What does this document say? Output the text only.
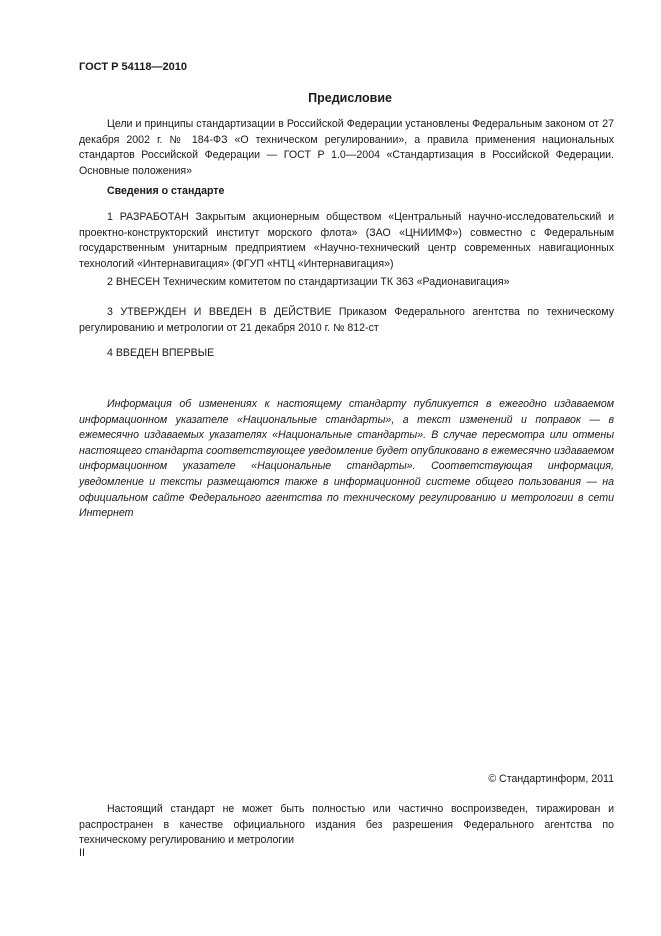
ГОСТ Р 54118—2010
Предисловие
Цели и принципы стандартизации в Российской Федерации установлены Федеральным законом от 27 декабря 2002 г. № 184-ФЗ «О техническом регулировании», а правила применения национальных стандартов Российской Федерации — ГОСТ Р 1.0—2004 «Стандартизация в Российской Федерации. Основные положения»
Сведения о стандарте
1 РАЗРАБОТАН Закрытым акционерным обществом «Центральный научно-исследовательский и проектно-конструкторский институт морского флота» (ЗАО «ЦНИИМФ») совместно с Федеральным государственным унитарным предприятием «Научно-технический центр современных навигационных технологий «Интернавигация» (ФГУП «НТЦ «Интернавигация»)
2 ВНЕСЕН Техническим комитетом по стандартизации ТК 363 «Радионавигация»
3 УТВЕРЖДЕН И ВВЕДЕН В ДЕЙСТВИЕ Приказом Федерального агентства по техническому регулированию и метрологии от 21 декабря 2010 г. № 812-ст
4 ВВЕДЕН ВПЕРВЫЕ
Информация об изменениях к настоящему стандарту публикуется в ежегодно издаваемом информационном указателе «Национальные стандарты», а текст изменений и поправок — в ежемесячно издаваемых указателях «Национальные стандарты». В случае пересмотра или отмены настоящего стандарта соответствующее уведомление будет опубликовано в ежемесячно издаваемом информационном указателе «Национальные стандарты». Соответствующая информация, уведомление и тексты размещаются также в информационной системе общего пользования — на официальном сайте Федерального агентства по техническому регулированию и метрологии в сети Интернет
© Стандартинформ, 2011
Настоящий стандарт не может быть полностью или частично воспроизведен, тиражирован и распространен в качестве официального издания без разрешения Федерального агентства по техническому регулированию и метрологии
II
